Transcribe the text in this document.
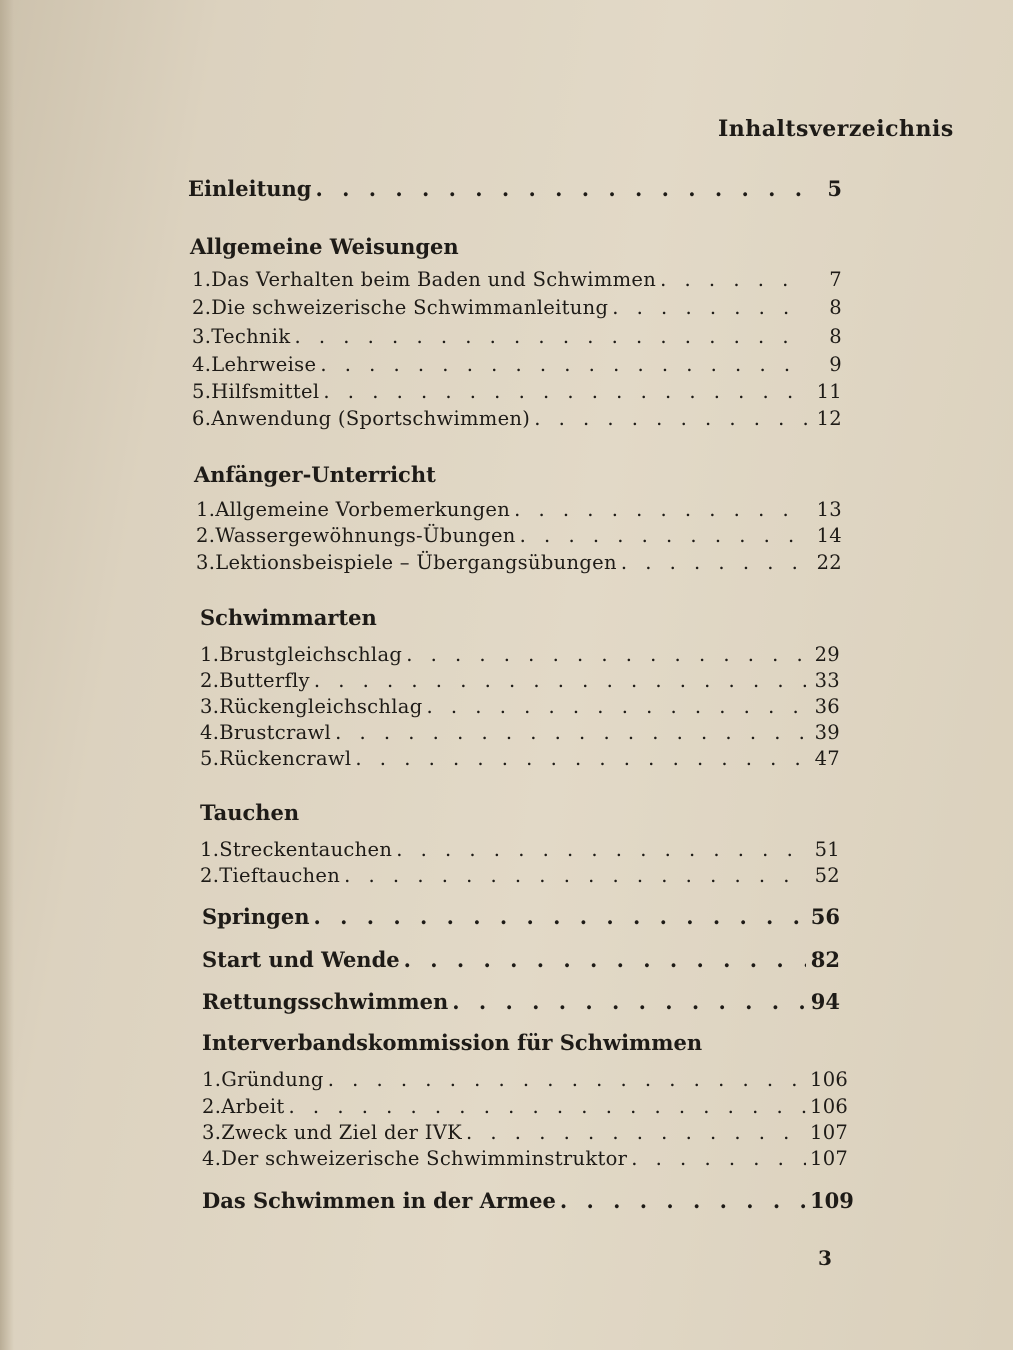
Inhaltsverzeichnis
Einleitung . . .	5
Allgemeine Weisungen
1. Das Verhalten beim Baden und Schwimmen . . .	7
2. Die schweizerische Schwimmanleitung . . .	8
3. Technik . . .	8
4. Lehrweise . . .	9
5. Hilfsmittel . . .	11
6. Anwendung (Sportschwimmen) . . .	12
Anfänger-Unterricht
1. Allgemeine Vorbemerkungen . . .	13
2. Wassergewöhnungs-Übungen . . .	14
3. Lektionsbeispiele – Übergangsübungen . . .	22
Schwimmarten
1. Brustgleichschlag . . .	29
2. Butterfly . . .	33
3. Rückengleichschlag . . .	36
4. Brustcrawl . . .	39
5. Rückencrawl . . .	47
Tauchen
1. Streckentauchen . . .	51
2. Tieftauchen . . .	52
Springen . . .	56
Start und Wende . . .	82
Rettungsschwimmen . . .	94
Interverbandskommission für Schwimmen
1. Gründung . . .	106
2. Arbeit . . .	106
3. Zweck und Ziel der IVK . . .	107
4. Der schweizerische Schwimminstruktor . . .	107
Das Schwimmen in der Armee . . .	109
3
